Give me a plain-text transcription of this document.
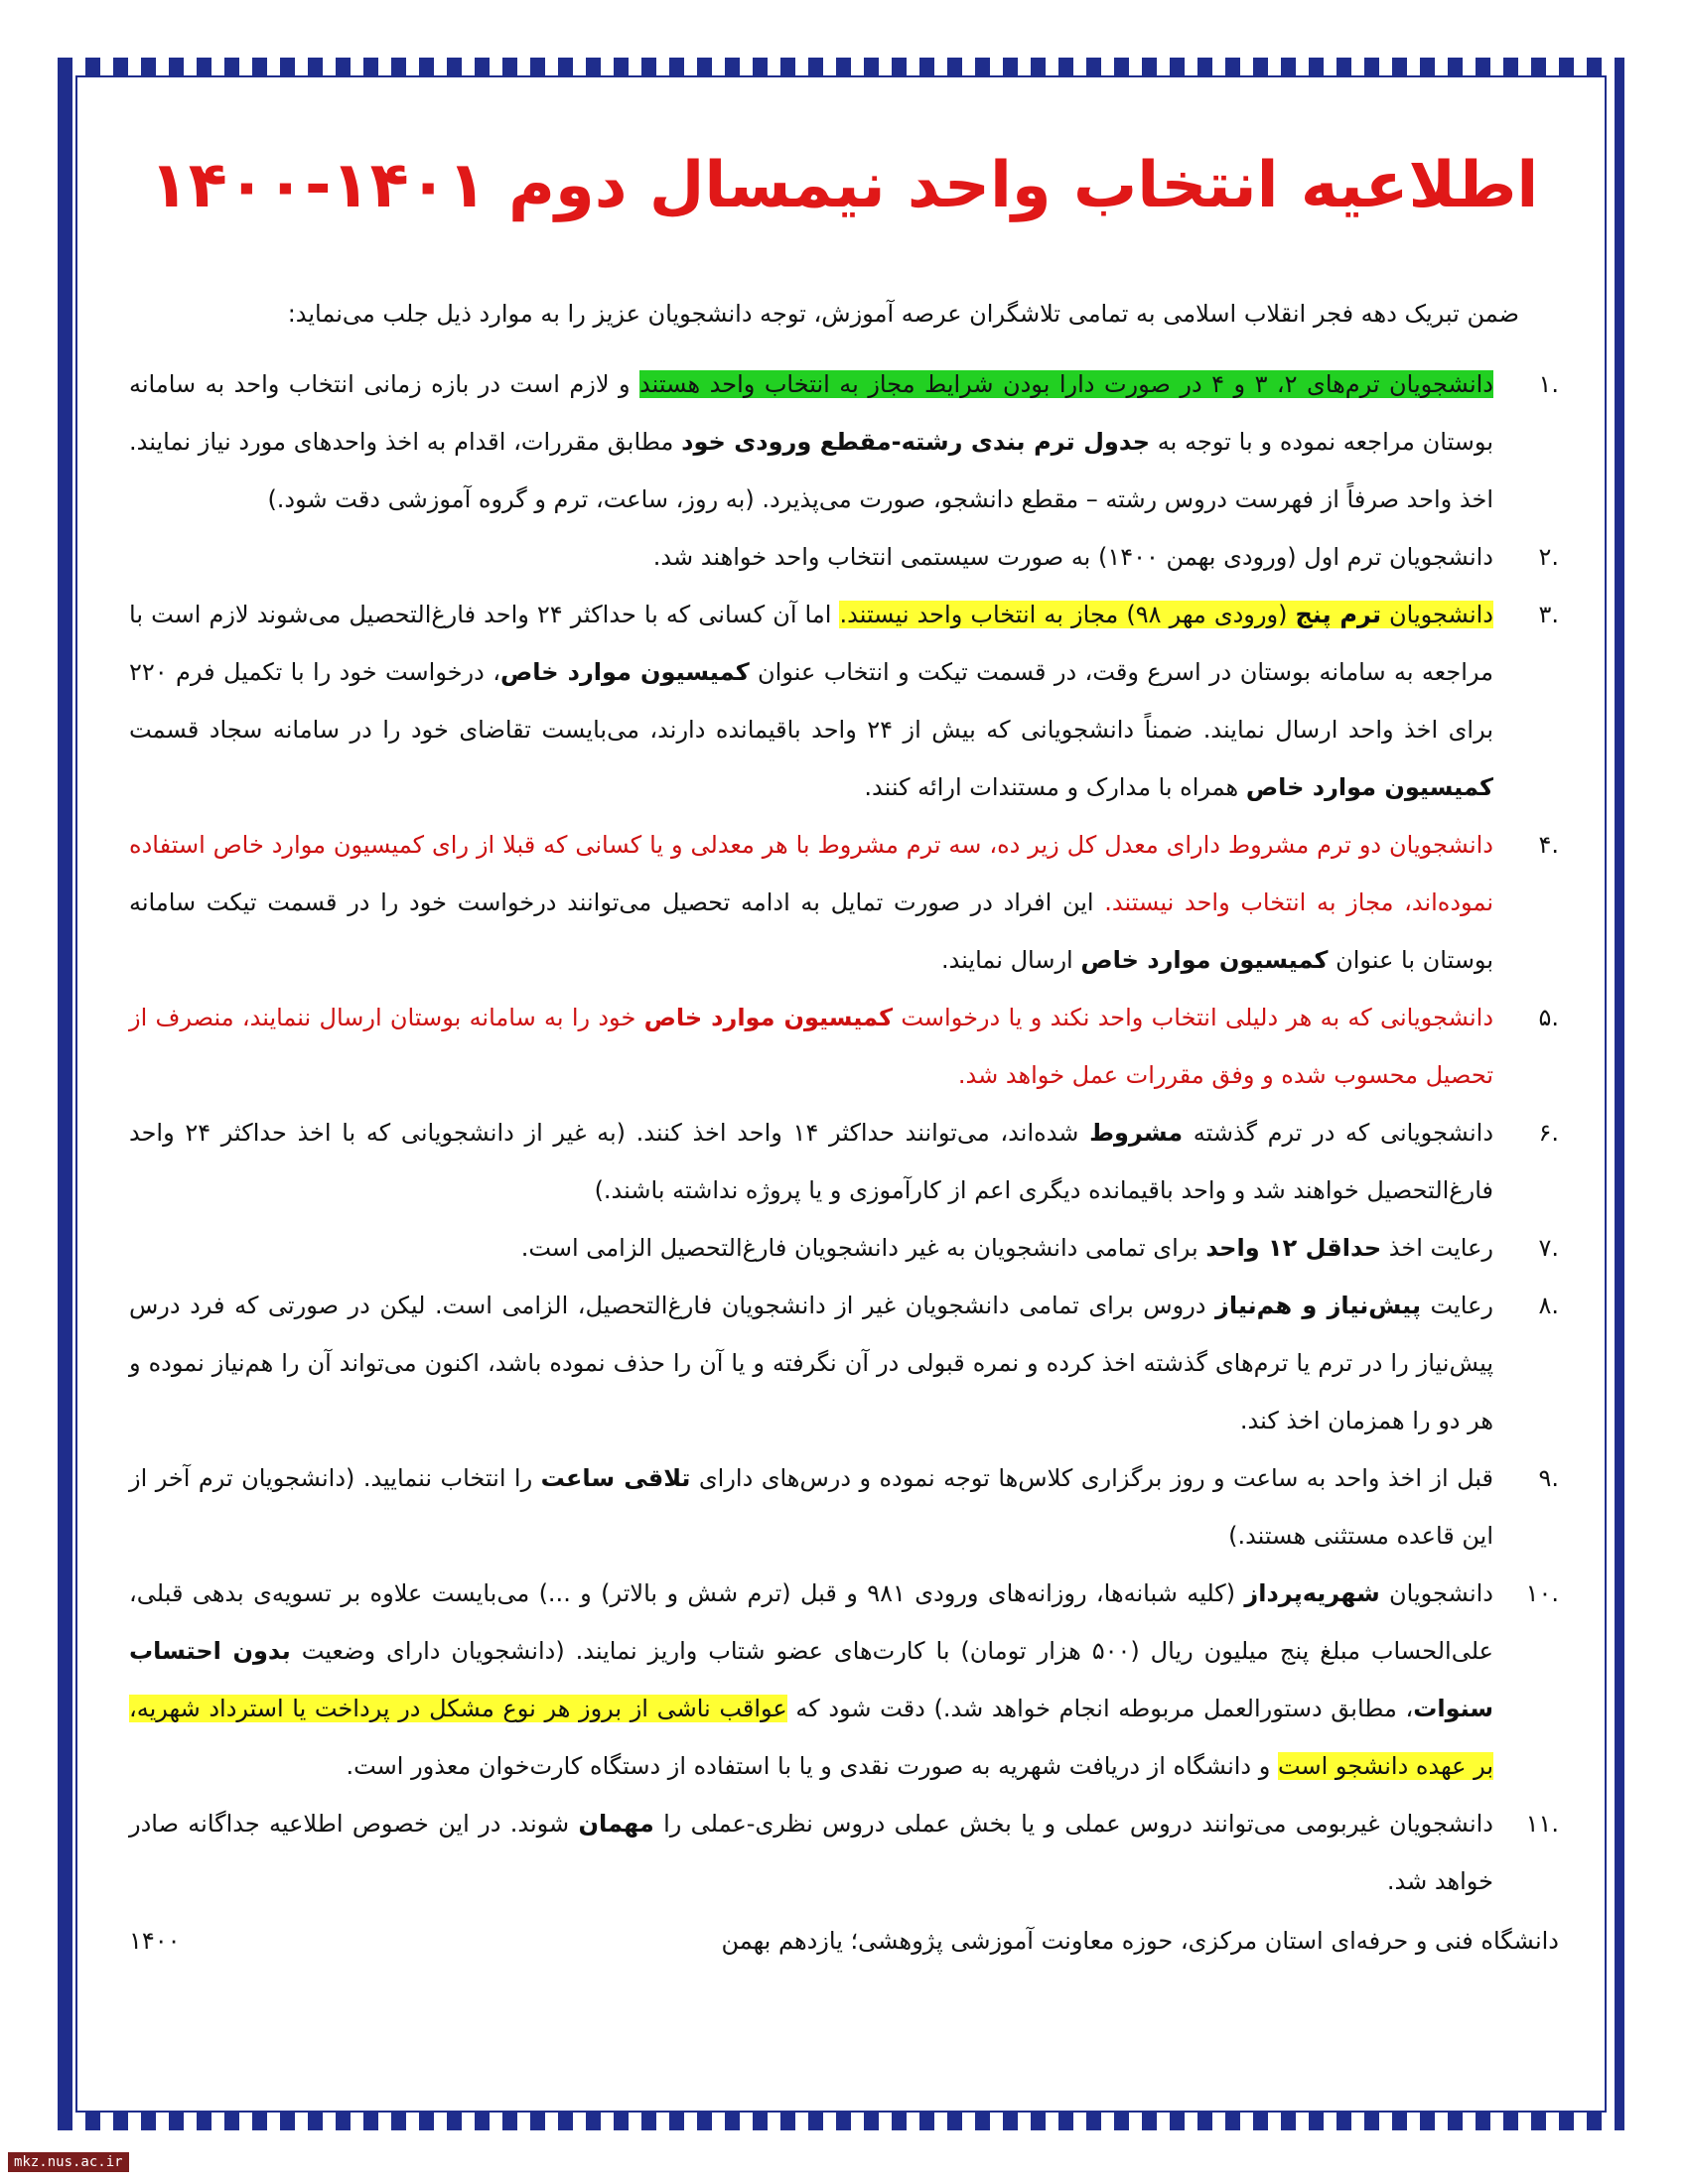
اطلاعیه انتخاب واحد نیمسال دوم ۱۴۰۱-۱۴۰۰

ضمن تبریک دهه فجر انقلاب اسلامی به تمامی تلاشگران عرصه آموزش، توجه دانشجویان عزیز را به موارد ذیل جلب می‌نماید:

.۱
دانشجویان ترم‌های ۲، ۳ و ۴ در صورت دارا بودن شرایط مجاز به انتخاب واحد هستند و لازم است در بازه زمانی انتخاب واحد به سامانه بوستان مراجعه نموده و با توجه به جدول ترم بندی رشته-مقطع ورودی خود مطابق مقررات، اقدام به اخذ واحدهای مورد نیاز نمایند. اخذ واحد صرفاً از فهرست دروس رشته – مقطع دانشجو، صورت می‌پذیرد. (به روز، ساعت، ترم و گروه آموزشی دقت شود.)
.۲
دانشجویان ترم اول (ورودی بهمن ۱۴۰۰) به صورت سیستمی انتخاب واحد خواهند شد.
.۳
دانشجویان ترم پنج (ورودی مهر ۹۸) مجاز به انتخاب واحد نیستند. اما آن کسانی که با حداکثر ۲۴ واحد فارغ‌التحصیل می‌شوند لازم است با مراجعه به سامانه بوستان در اسرع وقت، در قسمت تیکت و انتخاب عنوان کمیسیون موارد خاص، درخواست خود را با تکمیل فرم ۲۲۰ برای اخذ واحد ارسال نمایند. ضمناً دانشجویانی که بیش از ۲۴ واحد باقیمانده دارند، می‌بایست تقاضای خود را در سامانه سجاد قسمت کمیسیون موارد خاص همراه با مدارک و مستندات ارائه کنند.
.۴
دانشجویان دو ترم مشروط دارای معدل کل زیر ده، سه ترم مشروط با هر معدلی و یا کسانی که قبلا از رای کمیسیون موارد خاص استفاده نموده‌اند، مجاز به انتخاب واحد نیستند. این افراد در صورت تمایل به ادامه تحصیل می‌توانند درخواست خود را در قسمت تیکت سامانه بوستان با عنوان کمیسیون موارد خاص ارسال نمایند.
.۵
دانشجویانی که به هر دلیلی انتخاب واحد نکند و یا درخواست کمیسیون موارد خاص خود را به سامانه بوستان ارسال ننمایند، منصرف از تحصیل محسوب شده و وفق مقررات عمل خواهد شد.
.۶
دانشجویانی که در ترم گذشته مشروط شده‌اند، می‌توانند حداکثر ۱۴ واحد اخذ کنند. (به غیر از دانشجویانی که با اخذ حداکثر ۲۴ واحد فارغ‌التحصیل خواهند شد و واحد باقیمانده دیگری اعم از کارآموزی و یا پروژه نداشته باشند.)
.۷
رعایت اخذ حداقل ۱۲ واحد برای تمامی دانشجویان به غیر دانشجویان فارغ‌التحصیل الزامی است.
.۸
رعایت پیش‌نیاز و هم‌نیاز دروس برای تمامی دانشجویان غیر از دانشجویان فارغ‌التحصیل، الزامی است. لیکن در صورتی که فرد درس پیش‌نیاز را در ترم یا ترم‌های گذشته اخذ کرده و نمره قبولی در آن نگرفته و یا آن را حذف نموده باشد، اکنون می‌تواند آن را هم‌نیاز نموده و هر دو را همزمان اخذ کند.
.۹
قبل از اخذ واحد به ساعت و روز برگزاری کلاس‌ها توجه نموده و درس‌های دارای تلاقی ساعت را انتخاب ننمایید. (دانشجویان ترم آخر از این قاعده مستثنی هستند.)
.۱۰
دانشجویان شهریه‌پرداز (کلیه شبانه‌ها، روزانه‌های ورودی ۹۸۱ و قبل (ترم شش و بالاتر) و ...) می‌بایست علاوه بر تسویه‌ی بدهی قبلی، علی‌الحساب مبلغ پنج میلیون ریال (۵۰۰ هزار تومان) با کارت‌های عضو شتاب واریز نمایند. (دانشجویان دارای وضعیت بدون احتساب سنوات، مطابق دستورالعمل مربوطه انجام خواهد شد.) دقت شود که عواقب ناشی از بروز هر نوع مشکل در پرداخت یا استرداد شهریه، بر عهده دانشجو است و دانشگاه از دریافت شهریه به صورت نقدی و یا با استفاده از دستگاه کارت‌خوان معذور است.
.۱۱
دانشجویان غیربومی می‌توانند دروس عملی و یا بخش عملی دروس نظری-عملی را مهمان شوند. در این خصوص اطلاعیه جداگانه صادر خواهد شد.
دانشگاه فنی و حرفه‌ای استان مرکزی، حوزه معاونت آموزشی پژوهشی؛ یازدهم بهمن
۱۴۰۰
mkz.nus.ac.ir
